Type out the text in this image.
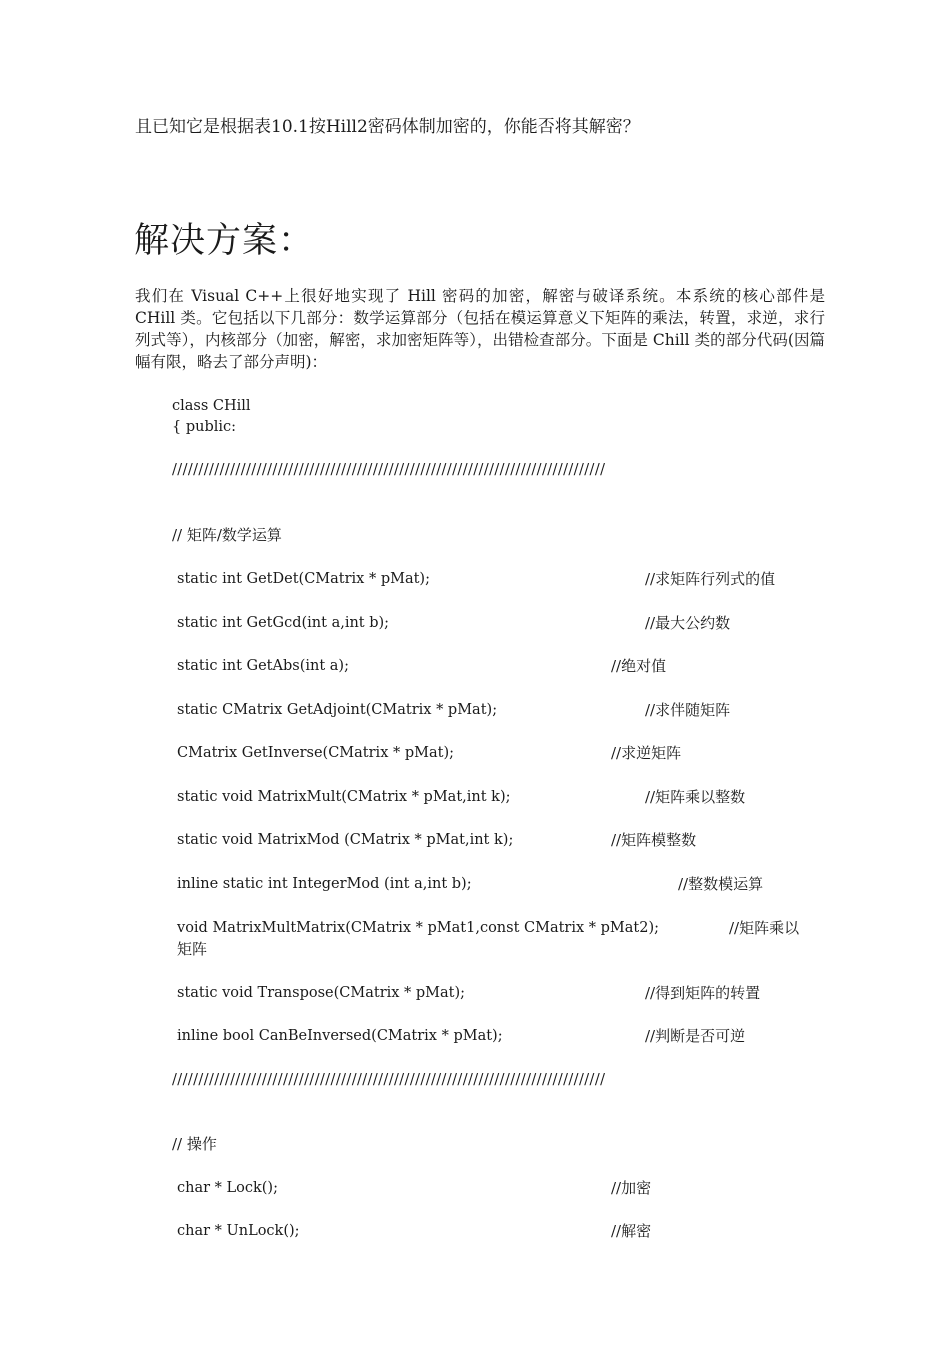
且已知它是根据表10.1按Hill2密码体制加密的，你能否将其解密？
解决方案：

我们在 Visual C++上很好地实现了 Hill 密码的加密，解密与破译系统。本系统的核心部件是 CHill 类。它包括以下几部分：数学运算部分（包括在模运算意义下矩阵的乘法，转置，求逆，求行列式等），内核部分（加密，解密，求加密矩阵等），出错检查部分。下面是 Chill 类的部分代码(因篇幅有限，略去了部分声明)：

class CHill
{ public:
//////////////////////////////////////////////////////////////////////////////////
// 矩阵/数学运算
static int GetDet(CMatrix * pMat);	//求矩阵行列式的值
static int GetGcd(int a,int b);	//最大公约数
static int GetAbs(int a);	//绝对值
static CMatrix GetAdjoint(CMatrix * pMat);	//求伴随矩阵
CMatrix GetInverse(CMatrix * pMat);	//求逆矩阵
static void MatrixMult(CMatrix * pMat,int k);	//矩阵乘以整数
static void MatrixMod (CMatrix * pMat,int k);	//矩阵模整数
inline static int IntegerMod (int a,int b);	//整数模运算
void MatrixMultMatrix(CMatrix * pMat1,const CMatrix * pMat2);	//矩阵乘以
矩阵
static void Transpose(CMatrix * pMat);	//得到矩阵的转置
inline bool CanBeInversed(CMatrix * pMat);	//判断是否可逆
//////////////////////////////////////////////////////////////////////////////////
// 操作
char * Lock();	//加密
char * UnLock();	//解密
